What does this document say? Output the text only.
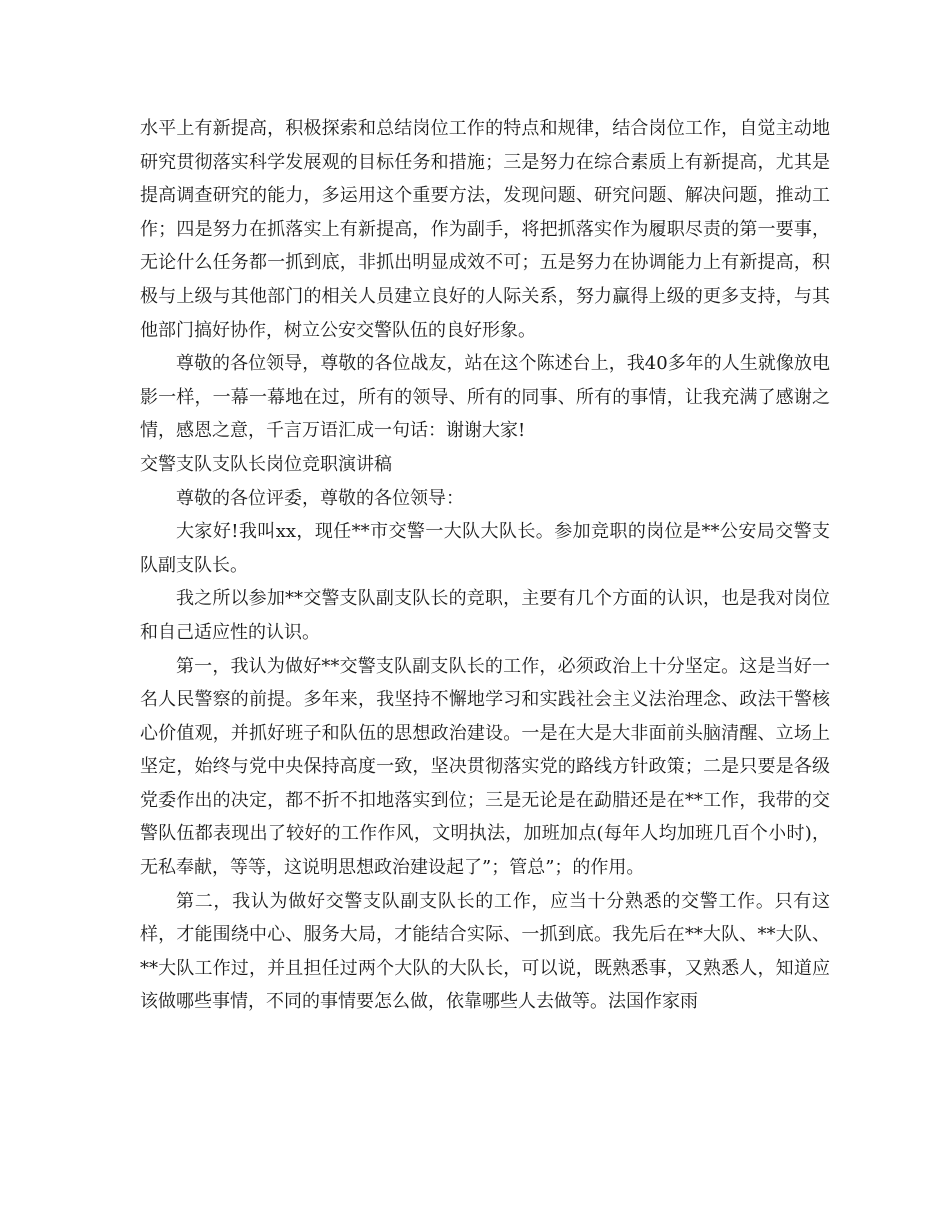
水平上有新提高，积极探索和总结岗位工作的特点和规律，结合岗位工作，自觉主动地研究贯彻落实科学发展观的目标任务和措施；三是努力在综合素质上有新提高，尤其是提高调查研究的能力，多运用这个重要方法，发现问题、研究问题、解决问题，推动工作；四是努力在抓落实上有新提高，作为副手，将把抓落实作为履职尽责的第一要事，无论什么任务都一抓到底，非抓出明显成效不可；五是努力在协调能力上有新提高，积极与上级与其他部门的相关人员建立良好的人际关系，努力赢得上级的更多支持，与其他部门搞好协作，树立公安交警队伍的良好形象。

尊敬的各位领导，尊敬的各位战友，站在这个陈述台上，我40多年的人生就像放电影一样，一幕一幕地在过，所有的领导、所有的同事、所有的事情，让我充满了感谢之情，感恩之意，千言万语汇成一句话：谢谢大家!

交警支队支队长岗位竞职演讲稿

尊敬的各位评委，尊敬的各位领导：

大家好!我叫xx，现任**市交警一大队大队长。参加竞职的岗位是**公安局交警支队副支队长。

我之所以参加**交警支队副支队长的竞职，主要有几个方面的认识，也是我对岗位和自己适应性的认识。

第一，我认为做好**交警支队副支队长的工作，必须政治上十分坚定。这是当好一名人民警察的前提。多年来，我坚持不懈地学习和实践社会主义法治理念、政法干警核心价值观，并抓好班子和队伍的思想政治建设。一是在大是大非面前头脑清醒、立场上坚定，始终与党中央保持高度一致，坚决贯彻落实党的路线方针政策；二是只要是各级党委作出的决定，都不折不扣地落实到位；三是无论是在勐腊还是在**工作，我带的交警队伍都表现出了较好的工作作风，文明执法，加班加点(每年人均加班几百个小时)，无私奉献，等等，这说明思想政治建设起了”；管总”；的作用。

第二，我认为做好交警支队副支队长的工作，应当十分熟悉的交警工作。只有这样，才能围绕中心、服务大局，才能结合实际、一抓到底。我先后在**大队、**大队、**大队工作过，并且担任过两个大队的大队长，可以说，既熟悉事，又熟悉人，知道应该做哪些事情，不同的事情要怎么做，依靠哪些人去做等。法国作家雨
